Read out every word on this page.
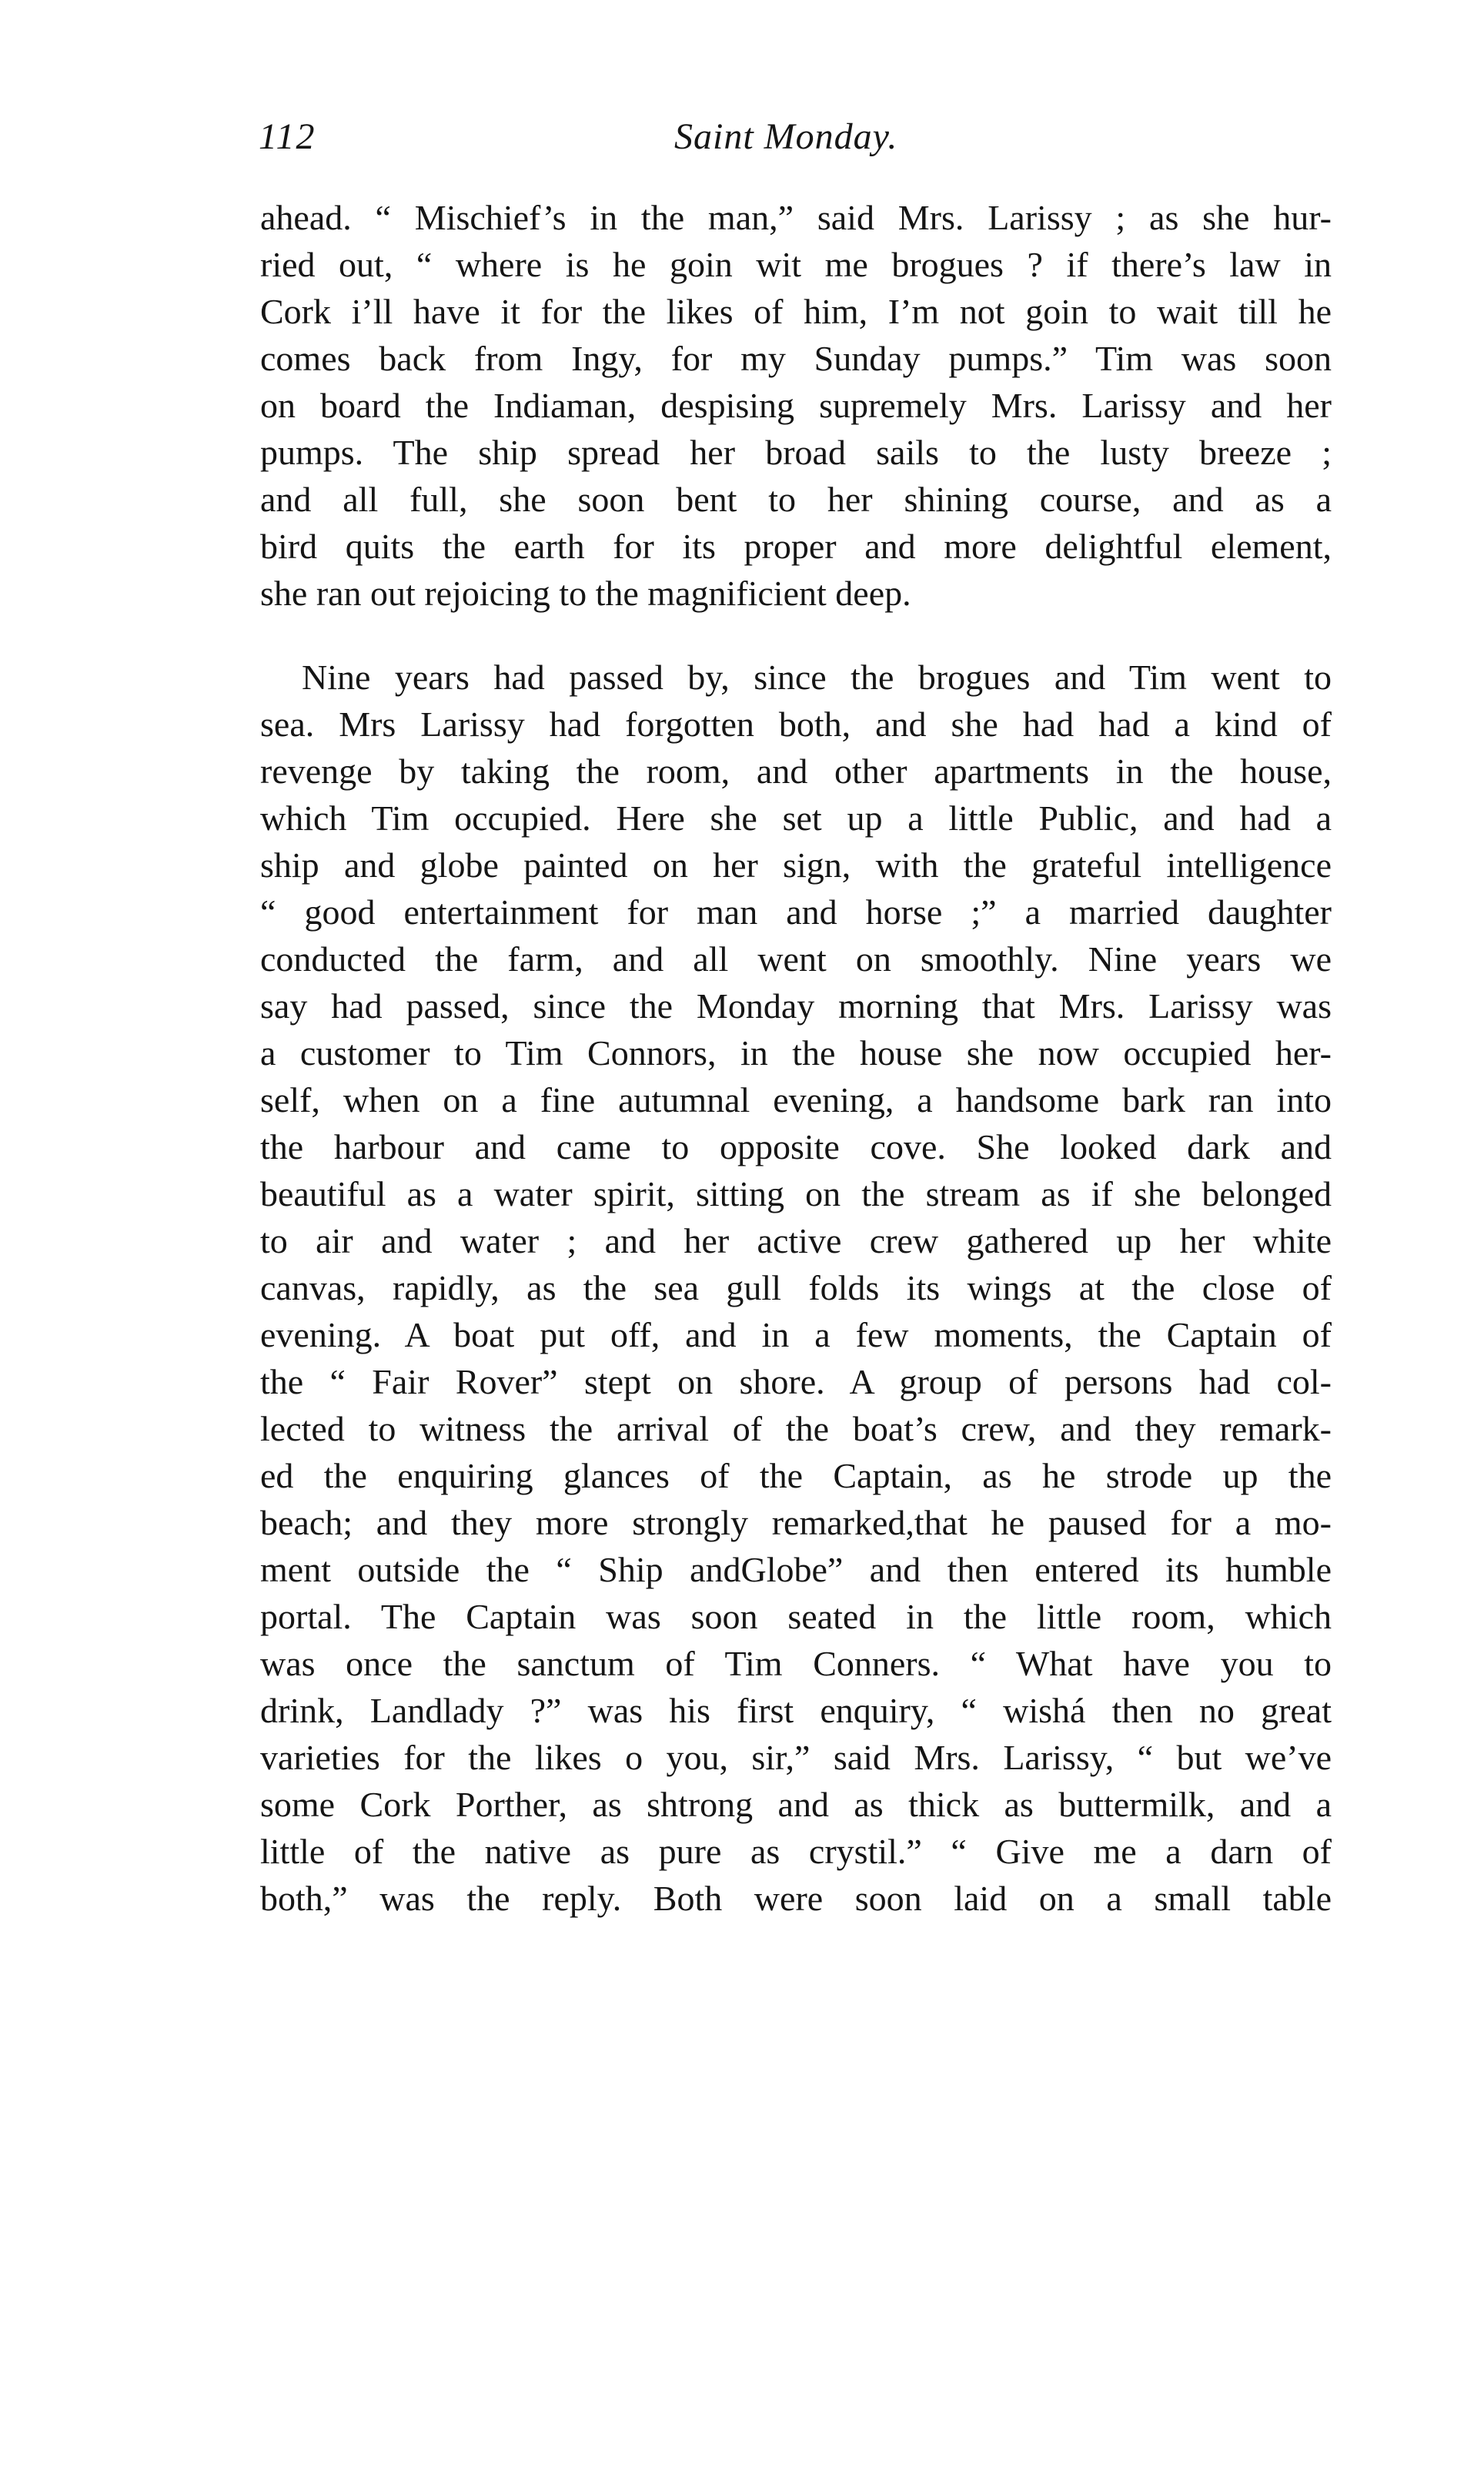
112	Saint Monday.
ahead. “ Mischief’s in the man,” said Mrs. Larissy ; as she hur-
ried out, “ where is he goin wit me brogues ? if there’s law in
Cork i’ll have it for the likes of him, I’m not goin to wait till he
comes back from Ingy, for my Sunday pumps.” Tim was soon
on board the Indiaman, despising supremely Mrs. Larissy and her
pumps. The ship spread her broad sails to the lusty breeze ;
and all full, she soon bent to her shining course, and as a
bird quits the earth for its proper and more delightful element,
she ran out rejoicing to the magnificient deep.
Nine years had passed by, since the brogues and Tim went to
sea. Mrs Larissy had forgotten both, and she had had a kind of
revenge by taking the room, and other apartments in the house,
which Tim occupied. Here she set up a little Public, and had a
ship and globe painted on her sign, with the grateful intelligence
“ good entertainment for man and horse ;” a married daughter
conducted the farm, and all went on smoothly. Nine years we
say had passed, since the Monday morning that Mrs. Larissy was
a customer to Tim Connors, in the house she now occupied her-
self, when on a fine autumnal evening, a handsome bark ran into
the harbour and came to opposite cove. She looked dark and
beautiful as a water spirit, sitting on the stream as if she belonged
to air and water ; and her active crew gathered up her white
canvas, rapidly, as the sea gull folds its wings at the close of
evening. A boat put off, and in a few moments, the Captain of
the “ Fair Rover” stept on shore. A group of persons had col-
lected to witness the arrival of the boat’s crew, and they remark-
ed the enquiring glances of the Captain, as he strode up the
beach; and they more strongly remarked,that he paused for a mo-
ment outside the “ Ship andGlobe” and then entered its humble
portal. The Captain was soon seated in the little room, which
was once the sanctum of Tim Conners. “ What have you to
drink, Landlady ?” was his first enquiry, “ wishá then no great
varieties for the likes o you, sir,” said Mrs. Larissy, “ but we’ve
some Cork Porther, as shtrong and as thick as buttermilk, and a
little of the native as pure as crystil.” “ Give me a darn of
both,” was the reply. Both were soon laid on a small table
